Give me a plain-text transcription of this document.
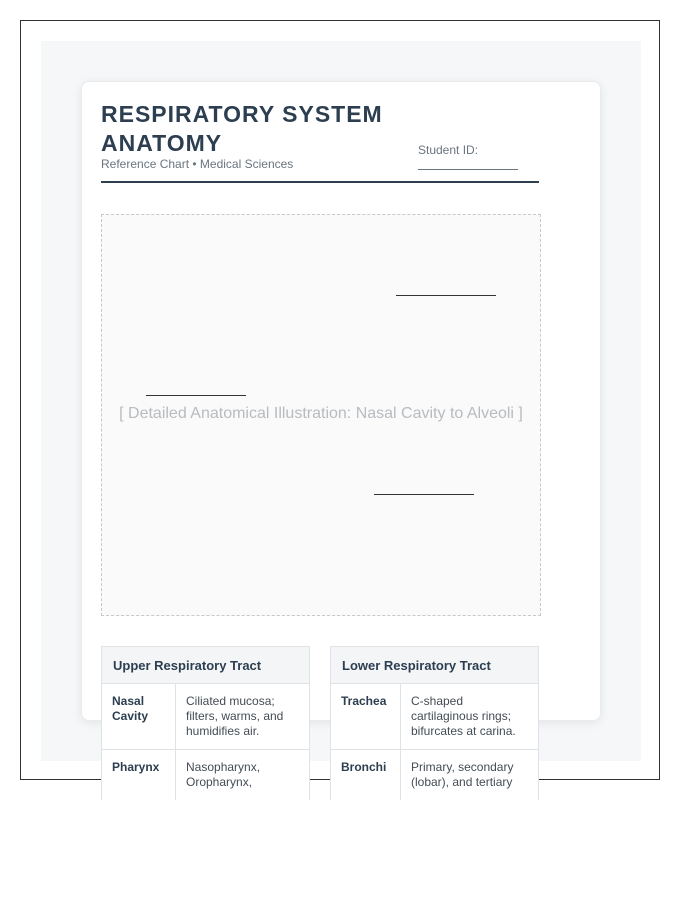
RESPIRATORY SYSTEM ANATOMY
Reference Chart • Medical Sciences
Student ID:
[ Detailed Anatomical Illustration: Nasal Cavity to Alveoli ]
Upper Respiratory Tract	
Nasal Cavity	Ciliated mucosa; filters, warms, and humidifies air.
Pharynx	Nasopharynx, Oropharynx,
Lower Respiratory Tract	
Trachea	C-shaped cartilaginous rings; bifurcates at carina.
Bronchi	Primary, secondary (lobar), and tertiary
